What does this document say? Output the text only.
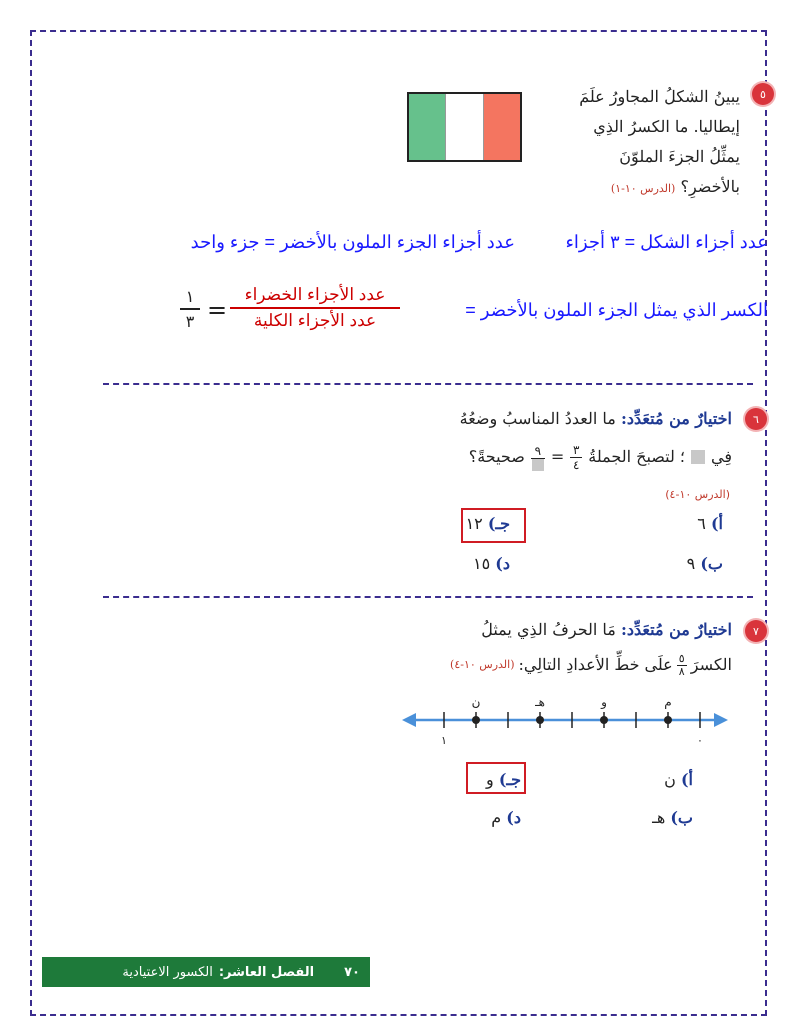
٥
يبينُ الشكلُ المجاورُ علَمَ
إيطاليا. ما الكسرُ الذِي
يمثِّلُ الجزءَ الملوّنَ
بالأخضرِ؟ (الدرس ١٠-١)
عدد أجزاء الشكل = ٣ أجزاء
عدد أجزاء الجزء الملون بالأخضر = جزء واحد
الكسر الذي يمثل الجزء الملون بالأخضر =
عدد الأجزاء الخضراء
عدد الأجزاء الكلية
=
١
٣
٦
اختيارٌ من مُتعَدِّد: ما العددُ المناسبُ وضعُهُ
فِي
؛ لتصبحَ الجملةُ
٣
٤
=
٩
صحيحةً؟
(الدرس ١٠-٤)
أ) ٦
ب) ٩
جـ) ١٢
د) ١٥
٧
اختيارٌ من مُتعَدِّد: مَا الحرفُ الذِي يمثلُ
الكسرَ
٥
٨
علَى خطِّ الأعدادِ التالِي:
(الدرس ١٠-٤)
٠
١
م
و
هـ
ن
أ) ن
ب) هـ
جـ) و
د) م
٧٠
الفصل العاشر:
الكسور الاعتيادية
